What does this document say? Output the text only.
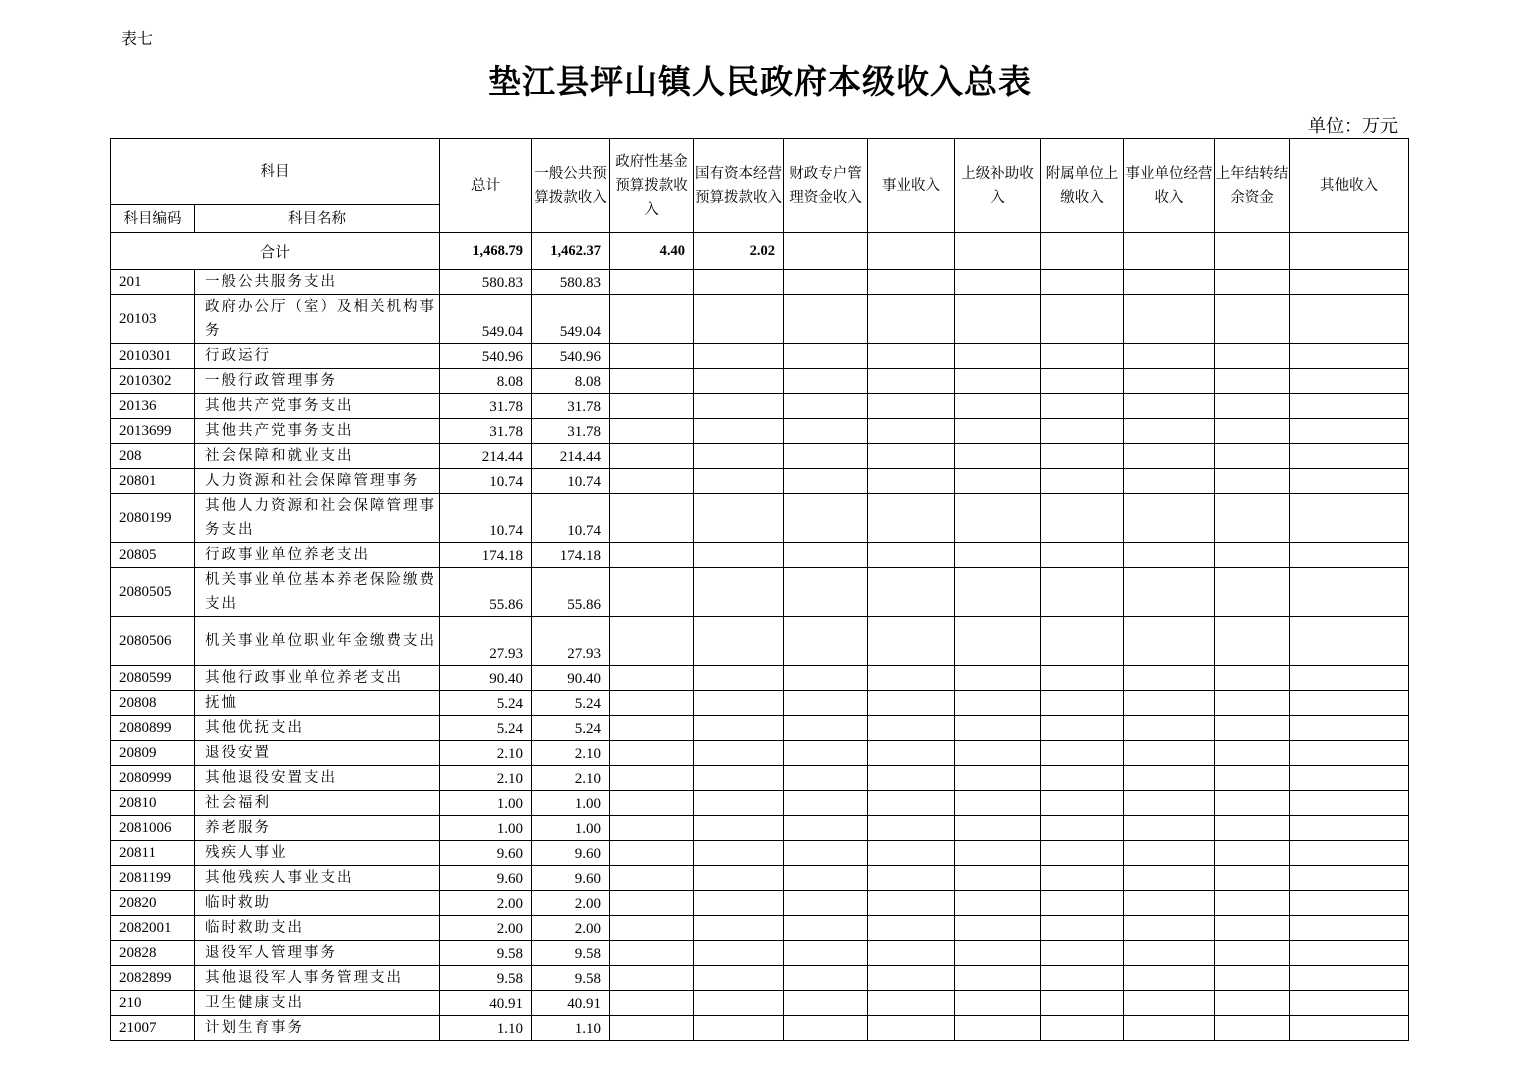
表七
垫江县坪山镇人民政府本级收入总表
单位：万元
科目		总计	一般公共预算拨款收入	政府性基金预算拨款收入	国有资本经营预算拨款收入	财政专户管理资金收入	事业收入	上级补助收入	附属单位上缴收入	事业单位经营收入	上年结转结余资金	其他收入
科目编码	科目名称											
合计		1,468.79	1,462.37	4.40	2.02							
201	一般公共服务支出	580.83	580.83									
20103	政府办公厅（室）及相关机构事务	549.04	549.04									
2010301	行政运行	540.96	540.96									
2010302	一般行政管理事务	8.08	8.08									
20136	其他共产党事务支出	31.78	31.78									
2013699	其他共产党事务支出	31.78	31.78									
208	社会保障和就业支出	214.44	214.44									
20801	人力资源和社会保障管理事务	10.74	10.74									
2080199	其他人力资源和社会保障管理事务支出	10.74	10.74									
20805	行政事业单位养老支出	174.18	174.18									
2080505	机关事业单位基本养老保险缴费支出	55.86	55.86									
2080506	机关事业单位职业年金缴费支出	27.93	27.93									
2080599	其他行政事业单位养老支出	90.40	90.40									
20808	抚恤	5.24	5.24									
2080899	其他优抚支出	5.24	5.24									
20809	退役安置	2.10	2.10									
2080999	其他退役安置支出	2.10	2.10									
20810	社会福利	1.00	1.00									
2081006	养老服务	1.00	1.00									
20811	残疾人事业	9.60	9.60									
2081199	其他残疾人事业支出	9.60	9.60									
20820	临时救助	2.00	2.00									
2082001	临时救助支出	2.00	2.00									
20828	退役军人管理事务	9.58	9.58									
2082899	其他退役军人事务管理支出	9.58	9.58									
210	卫生健康支出	40.91	40.91									
21007	计划生育事务	1.10	1.10									
